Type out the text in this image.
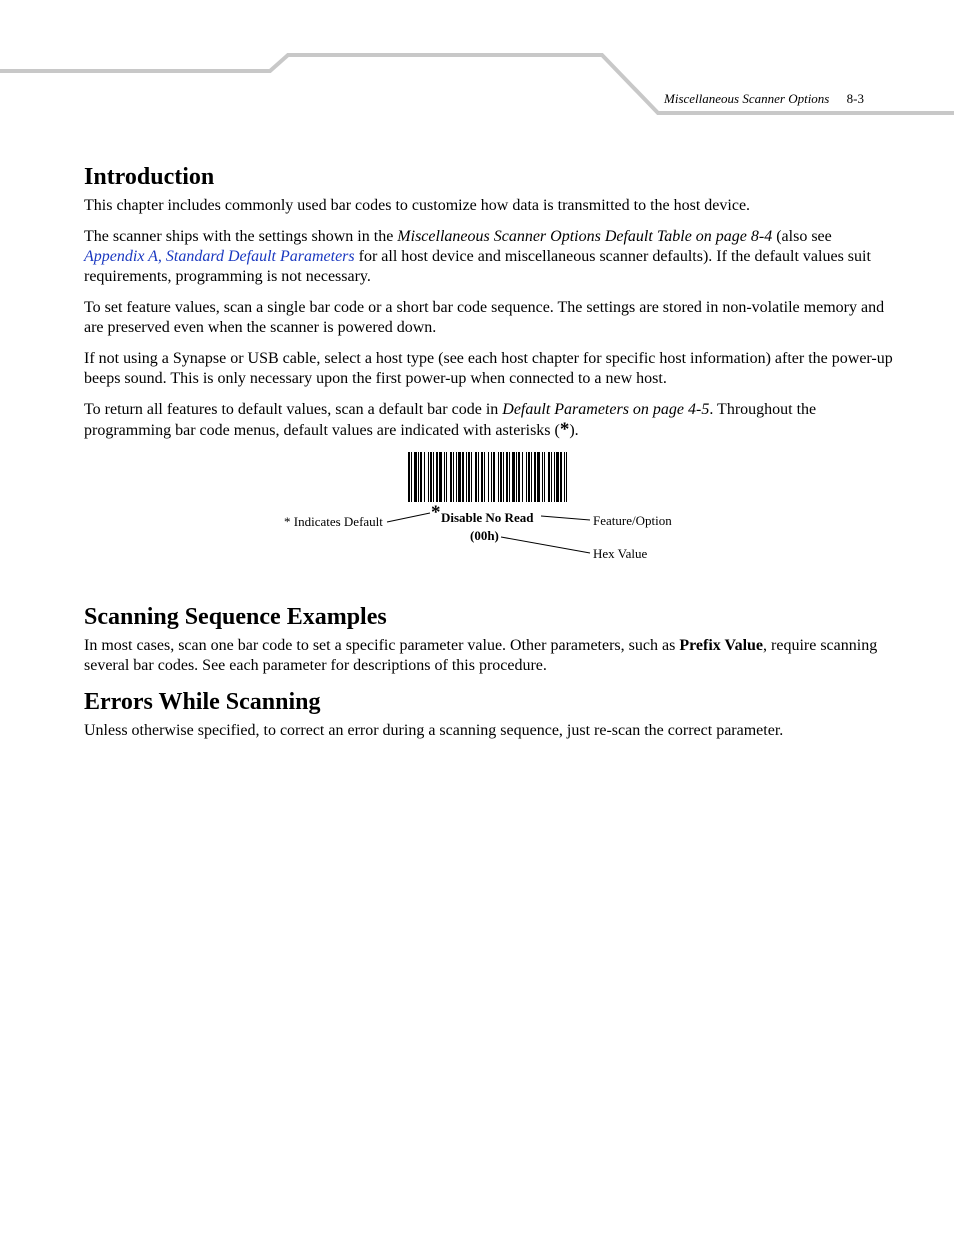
Miscellaneous Scanner Options 8-3
Introduction

This chapter includes commonly used bar codes to customize how data is transmitted to the host device.

The scanner ships with the settings shown in the Miscellaneous Scanner Options Default Table on page 8-4 (also see Appendix A, Standard Default Parameters for all host device and miscellaneous scanner defaults). If the default values suit requirements, programming is not necessary.

To set feature values, scan a single bar code or a short bar code sequence. The settings are stored in non-volatile memory and are preserved even when the scanner is powered down.

If not using a Synapse or USB cable, select a host type (see each host chapter for specific host information) after the power-up beeps sound. This is only necessary upon the first power-up when connected to a new host.

To return all features to default values, scan a default bar code in Default Parameters on page 4-5. Throughout the programming bar code menus, default values are indicated with asterisks (*).

* Indicates Default	* Disable No Read
(00h)
Feature/Option
Hex Value
Scanning Sequence Examples

In most cases, scan one bar code to set a specific parameter value. Other parameters, such as Prefix Value, require scanning several bar codes. See each parameter for descriptions of this procedure.

Errors While Scanning

Unless otherwise specified, to correct an error during a scanning sequence, just re-scan the correct parameter.
